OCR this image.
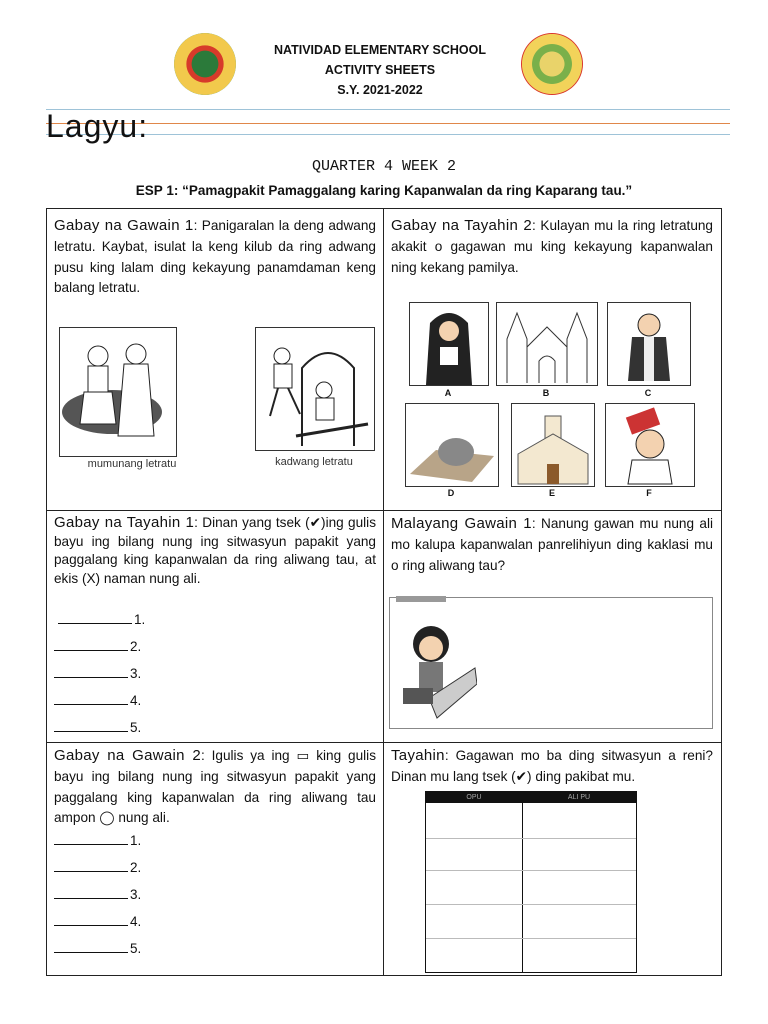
NATIVIDAD ELEMENTARY SCHOOL
ACTIVITY SHEETS
S.Y. 2021-2022
Lagyu:
QUARTER 4 WEEK 2
ESP 1: “Pamagpakit Pamaggalang karing Kapanwalan da ring Kaparang tau.”
Gabay na Gawain 1: Panigaralan la deng adwang letratu. Kaybat, isulat la keng kilub da ring adwang pusu king lalam ding kekayung panamdaman keng balang letratu.
mumunang letratu	kadwang letratu
Gabay na Tayahin 2: Kulayan mu la ring letratung akakit o gagawan mu king kekayung kapanwalan ning kekang pamilya.
A	B	C
D	E	F
Gabay na Tayahin 1: Dinan yang tsek (✔)ing gulis bayu ing bilang nung ing sitwasyun papakit yang paggalang king kapanwalan da ring aliwang tau, at ekis (X) naman nung ali.
1.
2.
3.
4.
5.
Malayang Gawain 1: Nanung gawan mu nung ali mo kalupa kapanwalan panrelihiyun ding kaklasi mu o ring aliwang tau?
Gabay na Gawain 2: Igulis ya ing ▭ king gulis bayu ing bilang nung ing sitwasyun papakit yang paggalang king kapanwalan da ring aliwang tau ampon ◯ nung ali.
1.
2.
3.
4.
5.
Tayahin: Gagawan mo ba ding sitwasyun a reni? Dinan mu lang tsek (✔) ding pakibat mu.
OPU	ALI PU
